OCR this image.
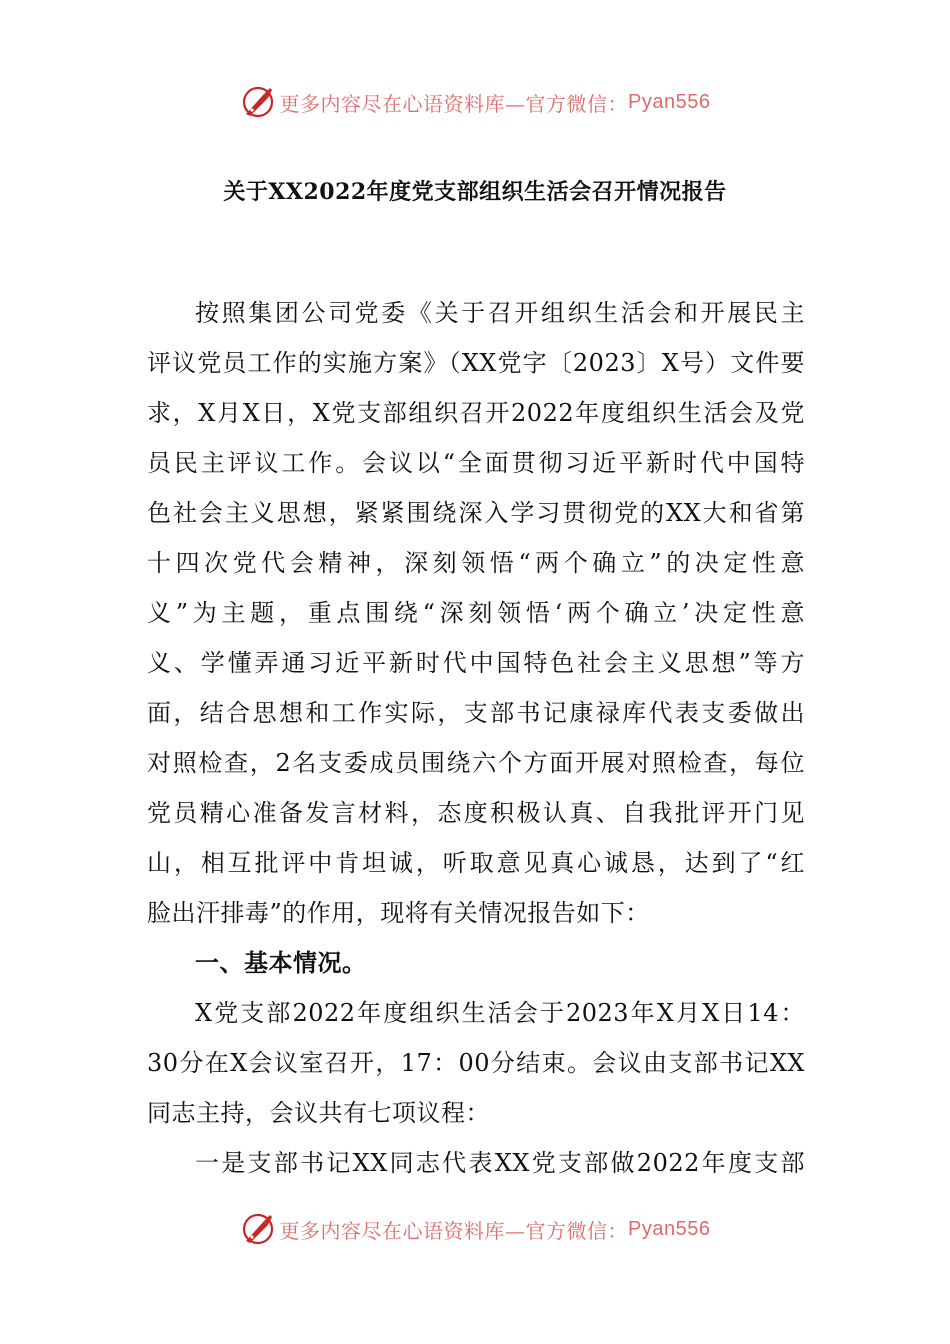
更多内容尽在心语资料库—官方微信： Pyan556
关于XX2022年度党支部组织生活会召开情况报告
按照集团公司党委《关于召开组织生活会和开展民主
评议党员工作的实施方案》（XX党字〔2023〕X号）文件要
求，X月X日，X党支部组织召开2022年度组织生活会及党
员民主评议工作。会议以“全面贯彻习近平新时代中国特
色社会主义思想，紧紧围绕深入学习贯彻党的XX大和省第
十四次党代会精神，深刻领悟“两个确立”的决定性意
义”为主题，重点围绕“深刻领悟‘两个确立’决定性意
义、学懂弄通习近平新时代中国特色社会主义思想”等方
面，结合思想和工作实际，支部书记康禄库代表支委做出
对照检查，2名支委成员围绕六个方面开展对照检查，每位
党员精心准备发言材料，态度积极认真、自我批评开门见
山，相互批评中肯坦诚，听取意见真心诚恳，达到了“红
脸出汗排毒”的作用，现将有关情况报告如下：
一、基本情况。
X党支部2022年度组织生活会于2023年X月X日14：
30分在X会议室召开，17：00分结束。会议由支部书记XX
同志主持，会议共有七项议程：
一是支部书记XX同志代表XX党支部做2022年度支部
更多内容尽在心语资料库—官方微信： Pyan556
